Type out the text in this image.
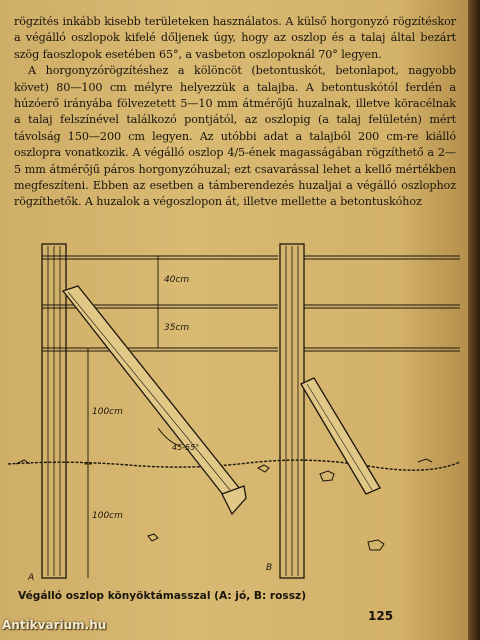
rögzítés inkább kisebb területeken használatos. A külső horgonyzó rögzítéskor a végálló oszlopok kifelé dőljenek úgy, hogy az oszlop és a talaj által bezárt szög faoszlopok esetében 65°, a vasbeton oszlopoknál 70° legyen.

A horgonyzórögzítéshez a kölöncöt (betontuskót, betonlapot, nagyobb követ) 80—100 cm mélyre helyezzük a talajba. A betontuskótól ferdén a húzóerő irányába fölvezetett 5—10 mm átmérőjű huzalnak, illetve köracélnak a talaj felszínével találkozó pontjától, az oszlopig (a talaj felületén) mért távolság 150—200 cm legyen. Az utóbbi adat a talajból 200 cm-re kiálló oszlopra vonatkozik. A végálló oszlop 4/5-ének magasságában rögzíthető a 2—5 mm átmérőjű páros horgonyzóhuzal; ezt csavarással lehet a kellő mértékben megfeszíteni. Ebben az esetben a támberendezés huzaljai a végálló oszlophoz rögzíthetők. A huzalok a végoszlopon át, illetve mellette a betontuskóhoz

40cm
35cm
100cm
100cm
45-55°
A
B
Végálló oszlop könyöktámasszal (A: jó, B: rossz)
125
Antikvarium.hu
